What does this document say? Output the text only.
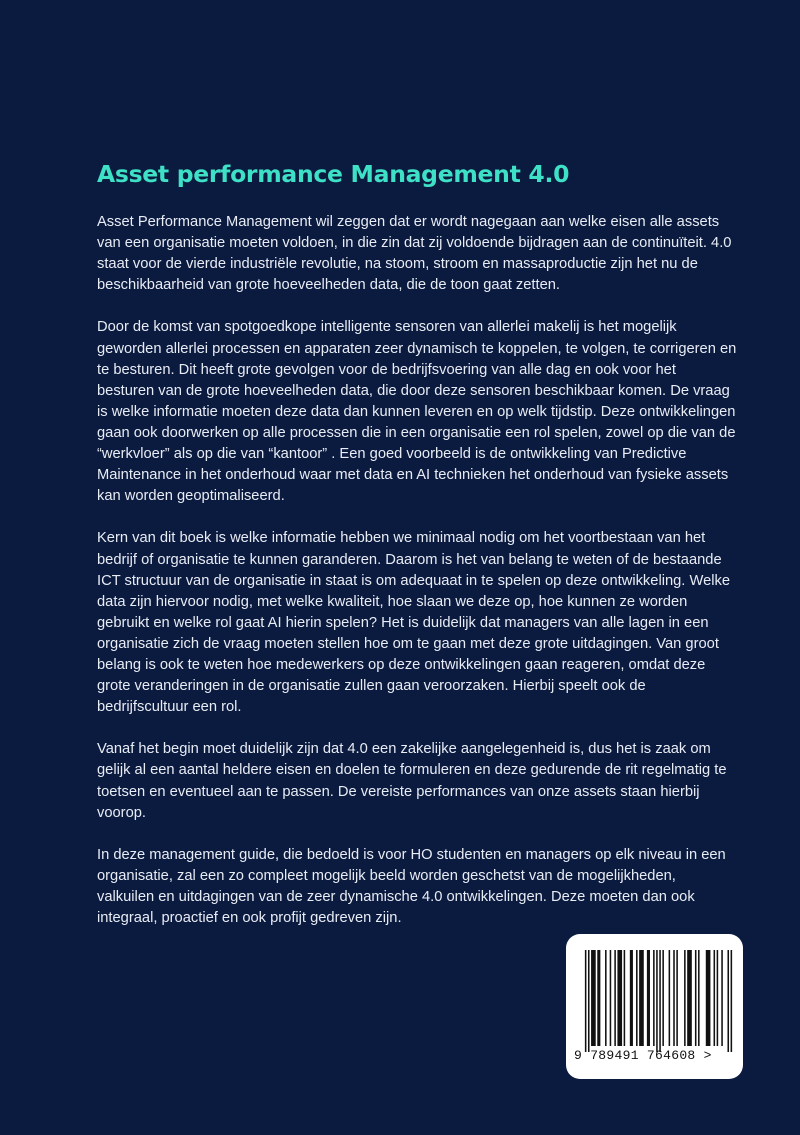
Asset performance Management 4.0

Asset Performance Management wil zeggen dat er wordt nagegaan aan welke eisen alle assets van een organisatie moeten voldoen, in die zin dat zij voldoende bijdragen aan de continuïteit. 4.0 staat voor de vierde industriële revolutie, na stoom, stroom en massaproductie zijn het nu de beschikbaarheid van grote hoeveelheden data, die de toon gaat zetten.

Door de komst van spotgoedkope intelligente sensoren van allerlei makelij is het mogelijk geworden allerlei processen en apparaten zeer dynamisch te koppelen, te volgen, te corrigeren en te besturen. Dit heeft grote gevolgen voor de bedrijfsvoering van alle dag en ook voor het besturen van de grote hoeveelheden data, die door deze sensoren beschikbaar komen. De vraag is welke informatie moeten deze data dan kunnen leveren en op welk tijdstip. Deze ontwikkelingen gaan ook doorwerken op alle processen die in een organisatie een rol spelen, zowel op die van de “werkvloer” als op die van “kantoor” . Een goed voorbeeld is de ontwikkeling van Predictive Maintenance in het onderhoud waar met data en AI technieken het onderhoud van fysieke assets kan worden geoptimaliseerd.

Kern van dit boek is welke informatie hebben we minimaal nodig om het voortbestaan van het bedrijf of organisatie te kunnen garanderen. Daarom is het van belang te weten of de bestaande ICT structuur van de organisatie in staat is om adequaat in te spelen op deze ontwikkeling. Welke data zijn hiervoor nodig, met welke kwaliteit, hoe slaan we deze op, hoe kunnen ze worden gebruikt en welke rol gaat AI hierin spelen? Het is duidelijk dat managers van alle lagen in een organisatie zich de vraag moeten stellen hoe om te gaan met deze grote uitdagingen. Van groot belang is ook te weten hoe medewerkers op deze ontwikkelingen gaan reageren, omdat deze grote veranderingen in de organisatie zullen gaan veroorzaken. Hierbij speelt ook de bedrijfscultuur een rol.

Vanaf het begin moet duidelijk zijn dat 4.0 een zakelijke aangelegenheid is, dus het is zaak om gelijk al een aantal heldere eisen en doelen te formuleren en deze gedurende de rit regelmatig te toetsen en eventueel aan te passen. De vereiste performances van onze assets staan hierbij voorop.

In deze management guide, die bedoeld is voor HO studenten en managers op elk niveau in een organisatie, zal een zo compleet mogelijk beeld worden geschetst van de mogelijkheden, valkuilen en uitdagingen van de zeer dynamische 4.0 ontwikkelingen. Deze moeten dan ook integraal, proactief en ook profijt gedreven zijn.

9 789491 764608 >
